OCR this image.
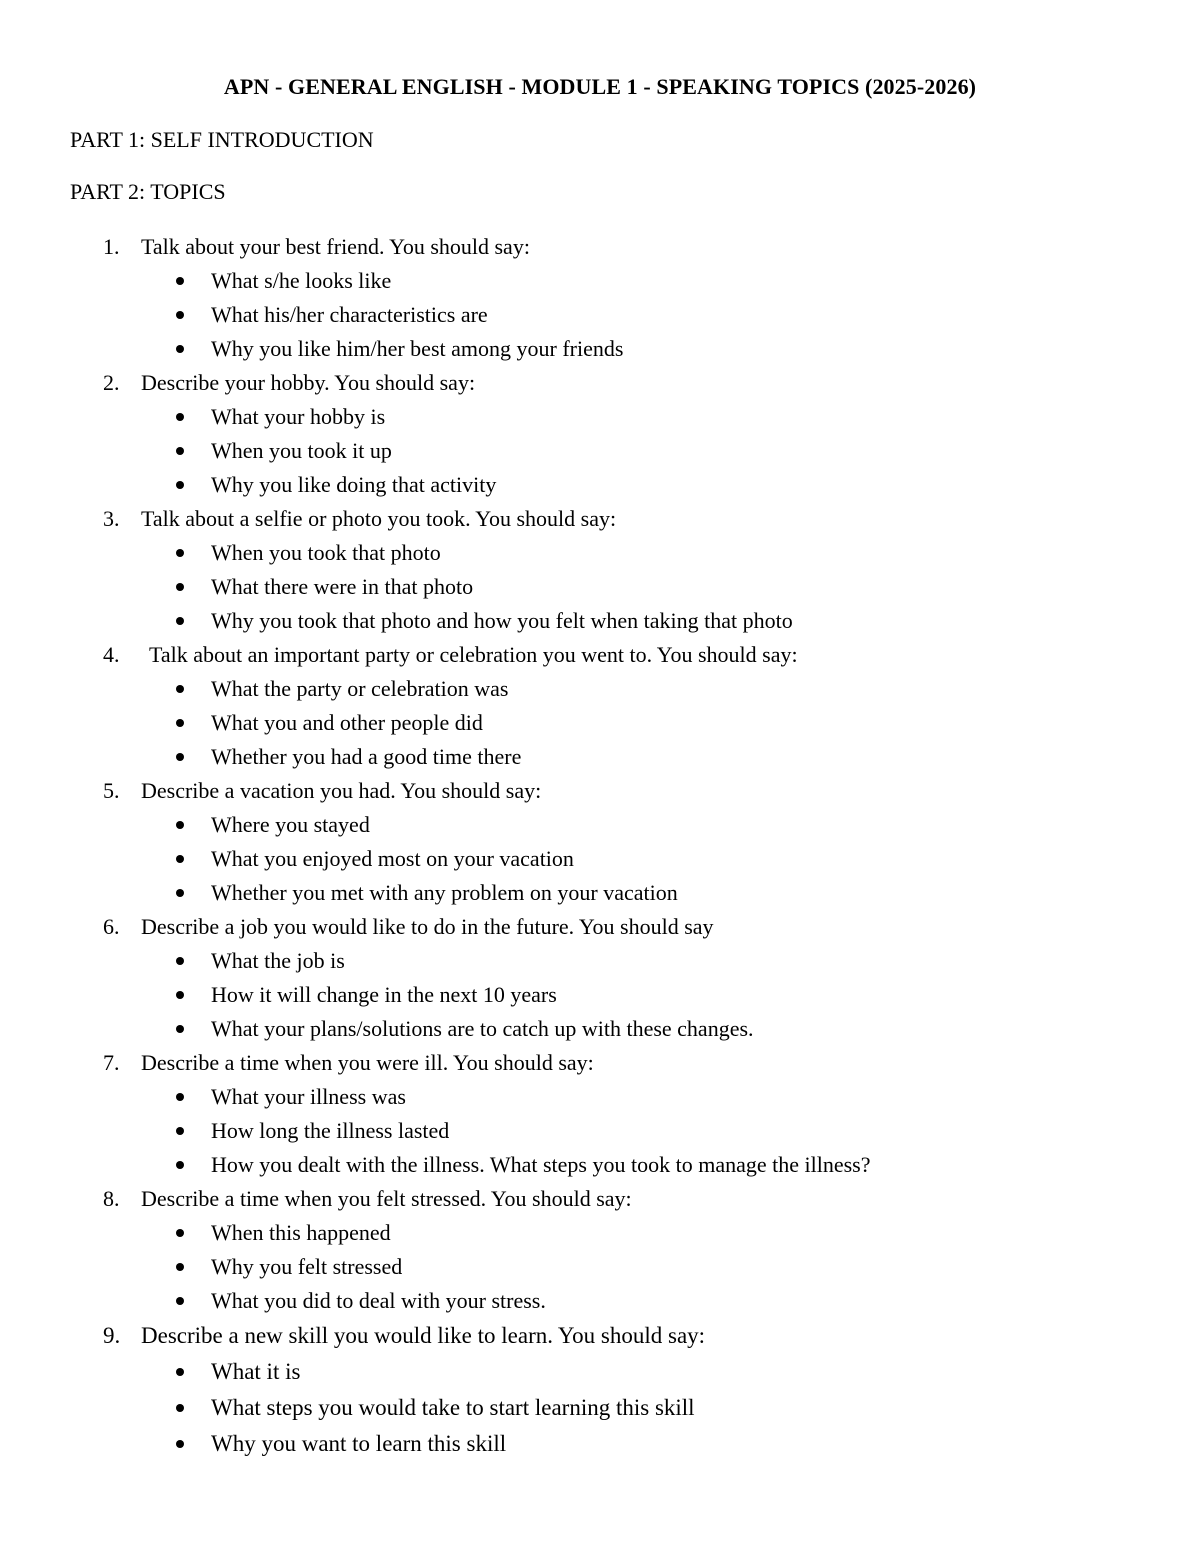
APN - GENERAL ENGLISH - MODULE 1 - SPEAKING TOPICS (2025-2026)
PART 1: SELF INTRODUCTION
PART 2: TOPICS
1. Talk about your best friend. You should say:
What s/he looks like
What his/her characteristics are
Why you like him/her best among your friends
2. Describe your hobby. You should say:
What your hobby is
When you took it up
Why you like doing that activity
3. Talk about a selfie or photo you took. You should say:
When you took that photo
What there were in that photo
Why you took that photo and how you felt when taking that photo
4. Talk about an important party or celebration you went to. You should say:
What the party or celebration was
What you and other people did
Whether you had a good time there
5. Describe a vacation you had. You should say:
Where you stayed
What you enjoyed most on your vacation
Whether you met with any problem on your vacation
6. Describe a job you would like to do in the future. You should say
What the job is
How it will change in the next 10 years
What your plans/solutions are to catch up with these changes.
7. Describe a time when you were ill. You should say:
What your illness was
How long the illness lasted
How you dealt with the illness. What steps you took to manage the illness?
8. Describe a time when you felt stressed. You should say:
When this happened
Why you felt stressed
What you did to deal with your stress.
9. Describe a new skill you would like to learn. You should say:
What it is
What steps you would take to start learning this skill
Why you want to learn this skill
